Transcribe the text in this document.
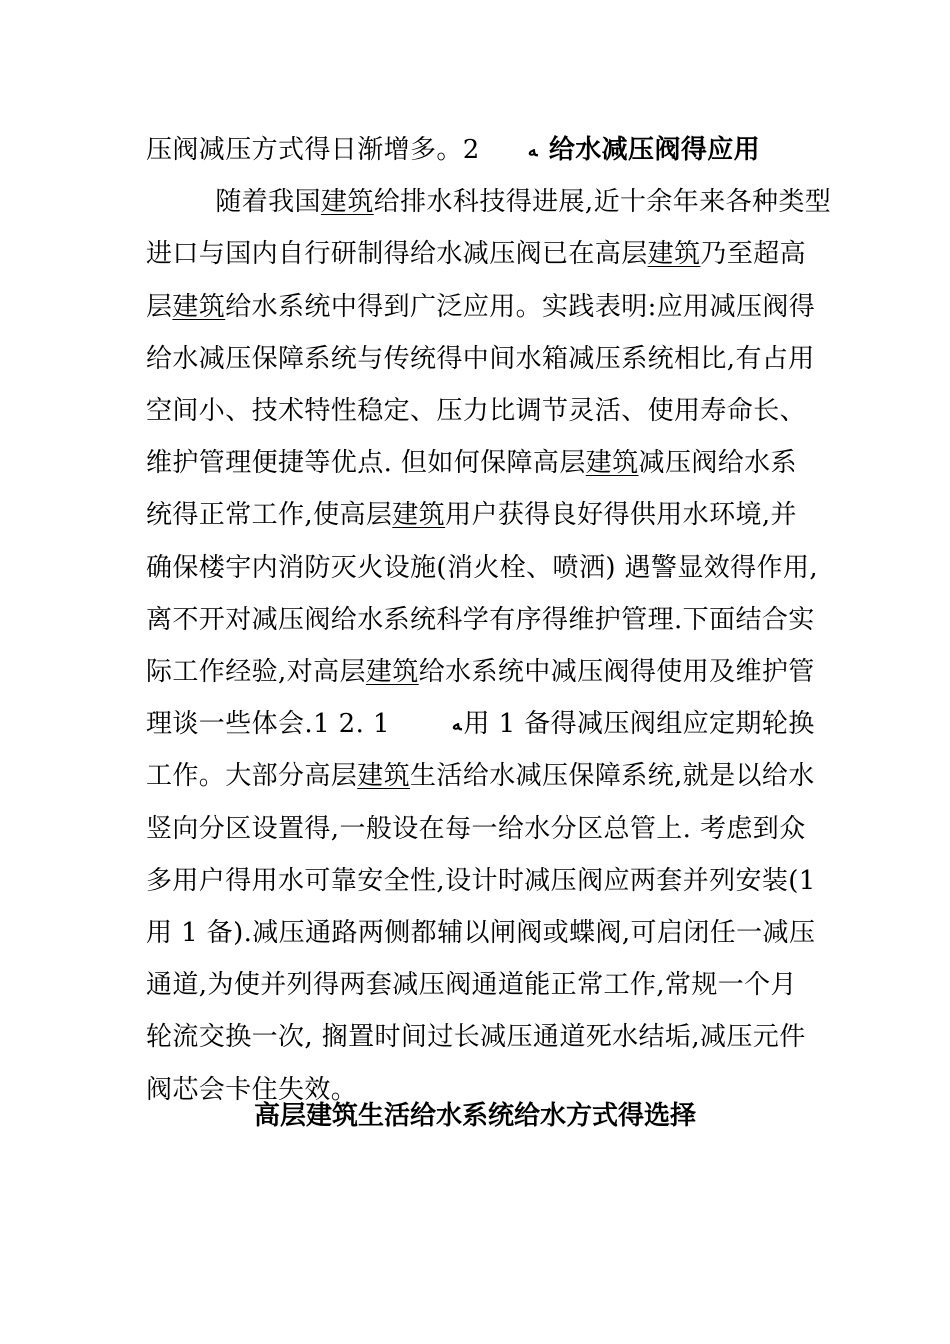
压阀减压方式得日渐增多。2	ﻪ 给水减压阀得应用
随着我国建筑给排水科技得进展,近十余年来各种类型
进口与国内自行研制得给水减压阀已在高层建筑乃至超高
层建筑给水系统中得到广泛应用。实践表明:应用减压阀得
给水减压保障系统与传统得中间水箱减压系统相比,有占用
空间小、技术特性稳定、压力比调节灵活、使用寿命长、
维护管理便捷等优点. 但如何保障高层建筑减压阀给水系
统得正常工作,使高层建筑用户获得良好得供用水环境,并
确保楼宇内消防灭火设施(消火栓、喷洒) 遇警显效得作用,
离不开对减压阀给水系统科学有序得维护管理.下面结合实
际工作经验,对高层建筑给水系统中减压阀得使用及维护管
理谈一些体会.1 2. 1	ﻪ用 1 备得减压阀组应定期轮换
工作。大部分高层建筑生活给水减压保障系统,就是以给水
竖向分区设置得,一般设在每一给水分区总管上. 考虑到众
多用户得用水可靠安全性,设计时减压阀应两套并列安装(1
用 1 备).减压通路两侧都辅以闸阀或蝶阀,可启闭任一减压
通道,为使并列得两套减压阀通道能正常工作,常规一个月
轮流交换一次, 搁置时间过长减压通道死水结垢,减压元件
阀芯会卡住失效。
高层建筑生活给水系统给水方式得选择
